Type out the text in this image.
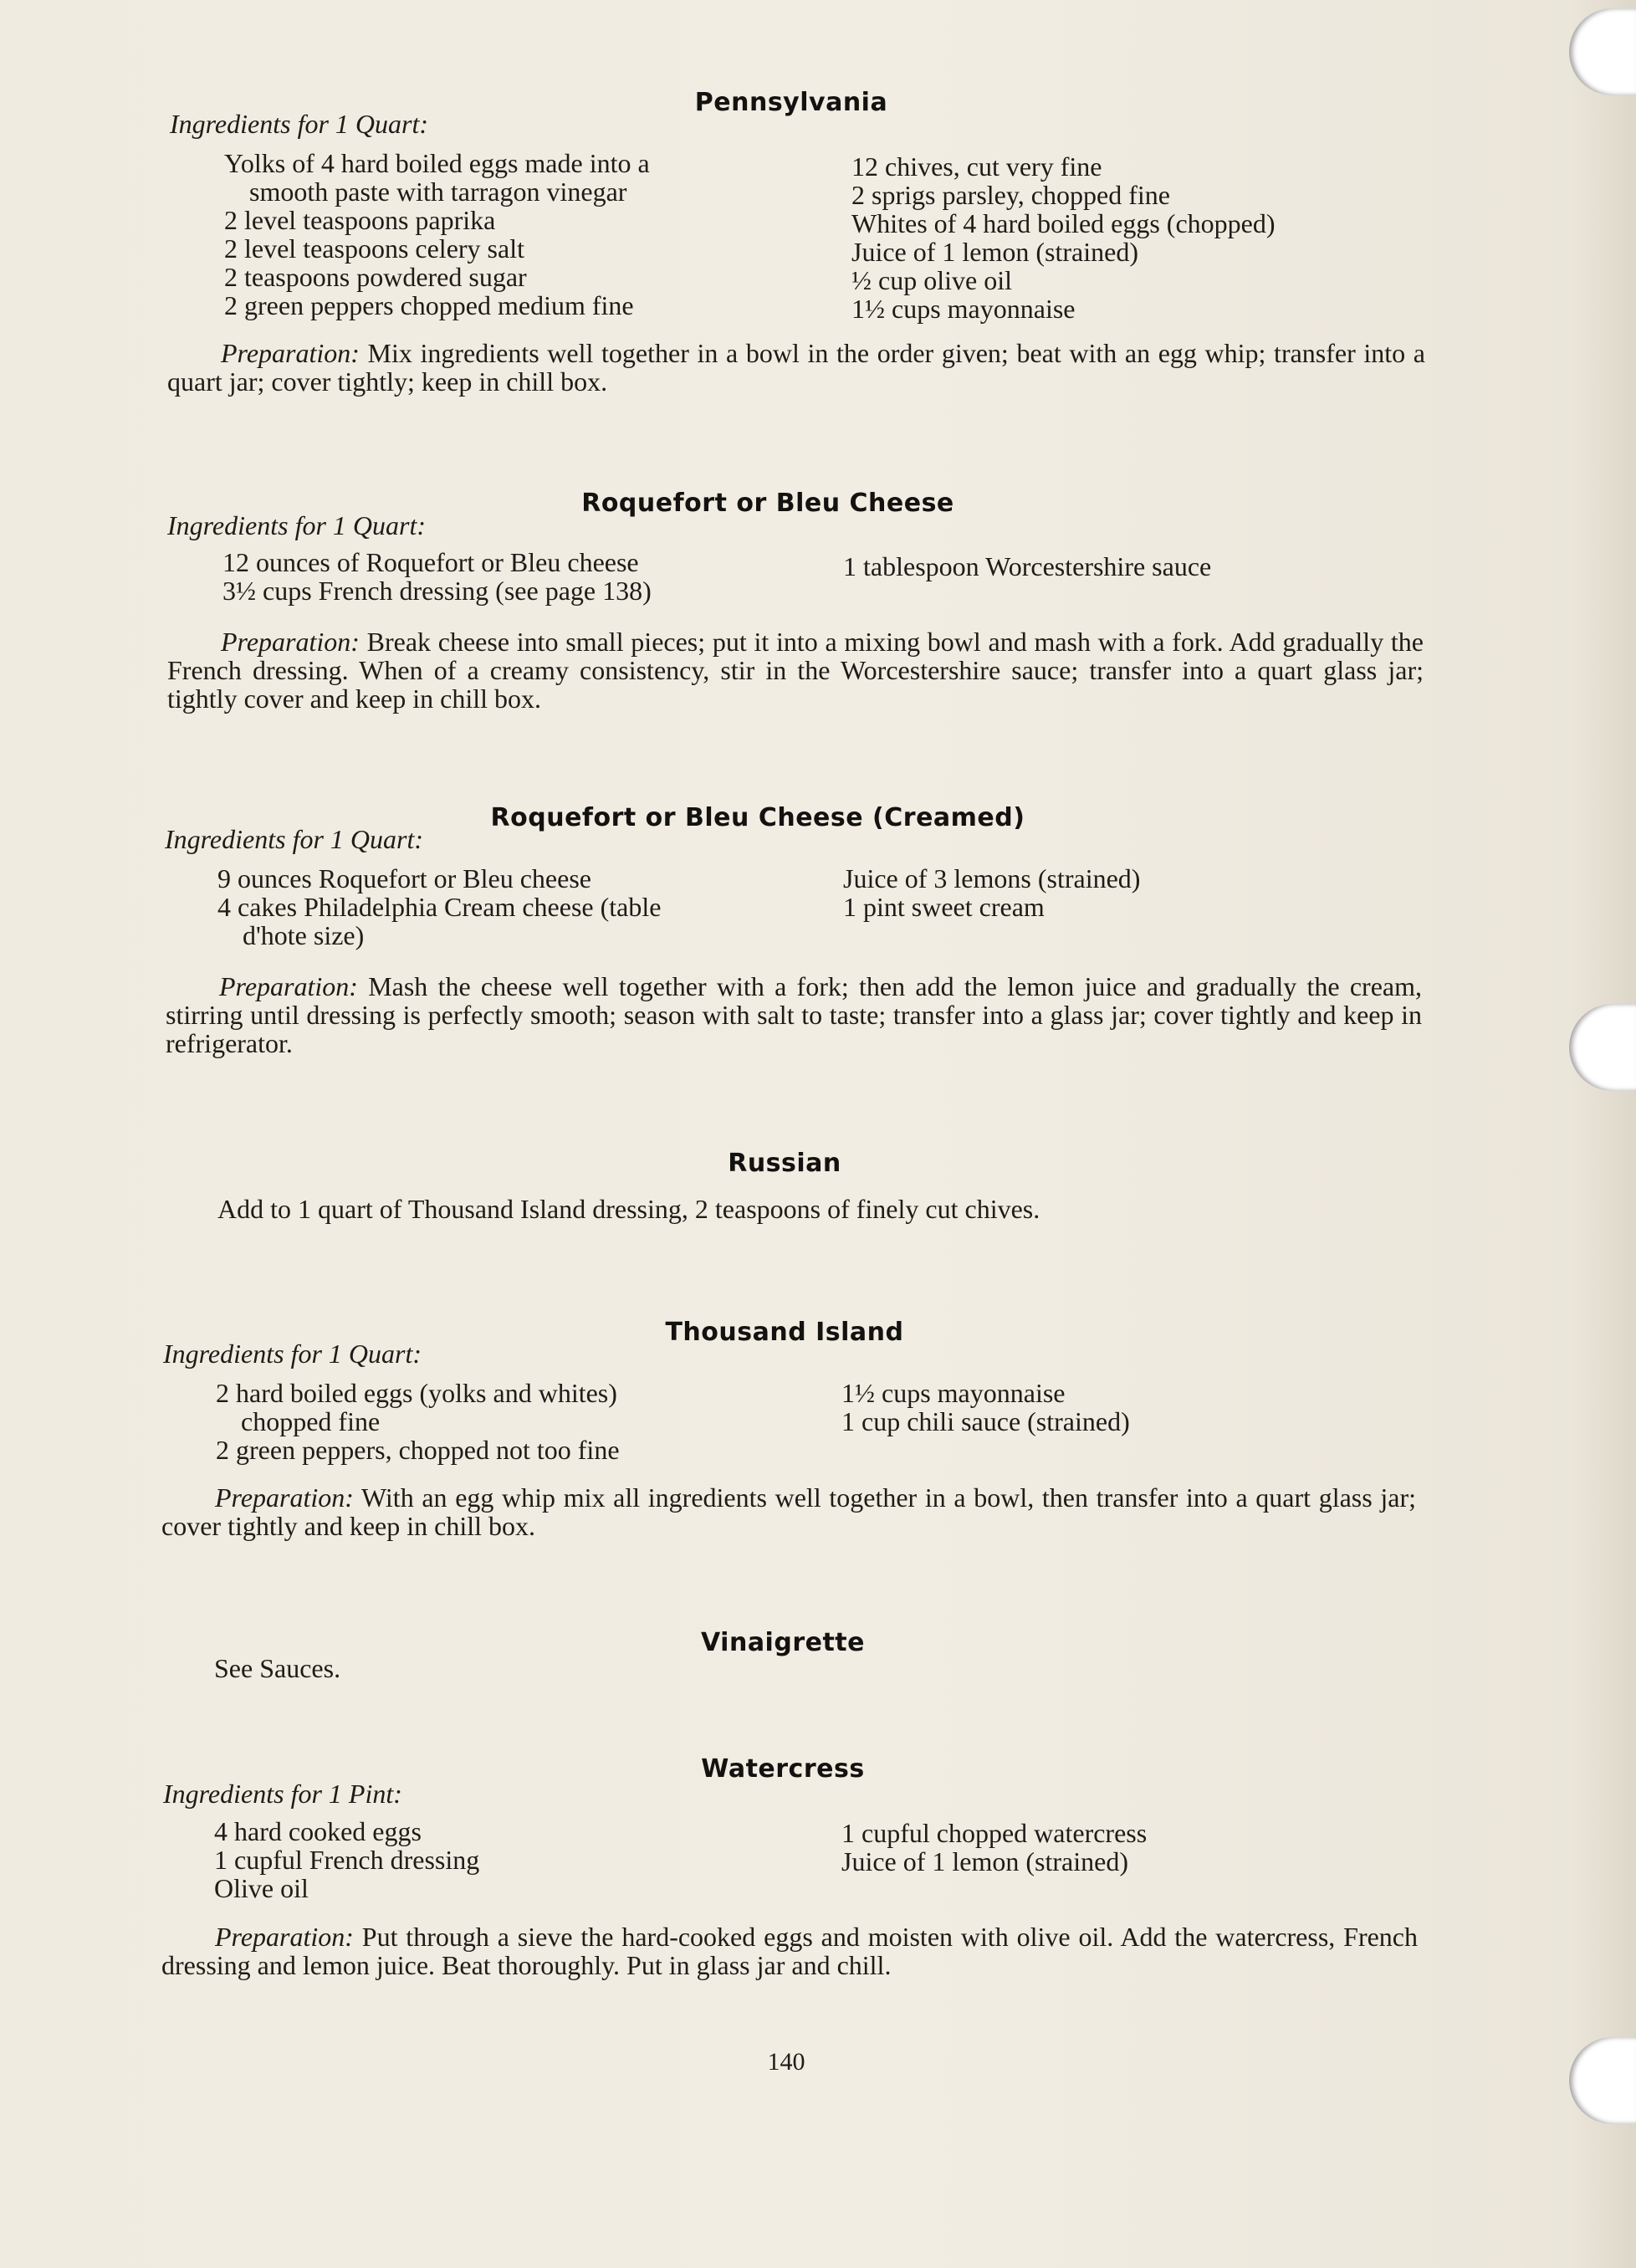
Pennsylvania
Ingredients for 1 Quart:
Yolks of 4 hard boiled eggs made into a
smooth paste with tarragon vinegar
2 level teaspoons paprika
2 level teaspoons celery salt
2 teaspoons powdered sugar
2 green peppers chopped medium fine
12 chives, cut very fine
2 sprigs parsley, chopped fine
Whites of 4 hard boiled eggs (chopped)
Juice of 1 lemon (strained)
½ cup olive oil
1½ cups mayonnaise
Preparation: Mix ingredients well together in a bowl in the order given; beat with an egg whip; transfer into a quart jar; cover tightly; keep in chill box.
Roquefort or Bleu Cheese
Ingredients for 1 Quart:
12 ounces of Roquefort or Bleu cheese
3½ cups French dressing (see page 138)
1 tablespoon Worcestershire sauce
Preparation: Break cheese into small pieces; put it into a mixing bowl and mash with a fork. Add gradually the French dressing. When of a creamy consistency, stir in the Worcestershire sauce; transfer into a quart glass jar; tightly cover and keep in chill box.
Roquefort or Bleu Cheese (Creamed)
Ingredients for 1 Quart:
9 ounces Roquefort or Bleu cheese
4 cakes Philadelphia Cream cheese (table
d'hote size)
Juice of 3 lemons (strained)
1 pint sweet cream
Preparation: Mash the cheese well together with a fork; then add the lemon juice and gradually the cream, stirring until dressing is perfectly smooth; season with salt to taste; transfer into a glass jar; cover tightly and keep in refrigerator.
Russian
Add to 1 quart of Thousand Island dressing, 2 teaspoons of finely cut chives.
Thousand Island
Ingredients for 1 Quart:
2 hard boiled eggs (yolks and whites)
chopped fine
2 green peppers, chopped not too fine
1½ cups mayonnaise
1 cup chili sauce (strained)
Preparation: With an egg whip mix all ingredients well together in a bowl, then transfer into a quart glass jar; cover tightly and keep in chill box.
Vinaigrette
See Sauces.
Watercress
Ingredients for 1 Pint:
4 hard cooked eggs
1 cupful French dressing
Olive oil
1 cupful chopped watercress
Juice of 1 lemon (strained)
Preparation: Put through a sieve the hard-cooked eggs and moisten with olive oil. Add the watercress, French dressing and lemon juice. Beat thoroughly. Put in glass jar and chill.
140
